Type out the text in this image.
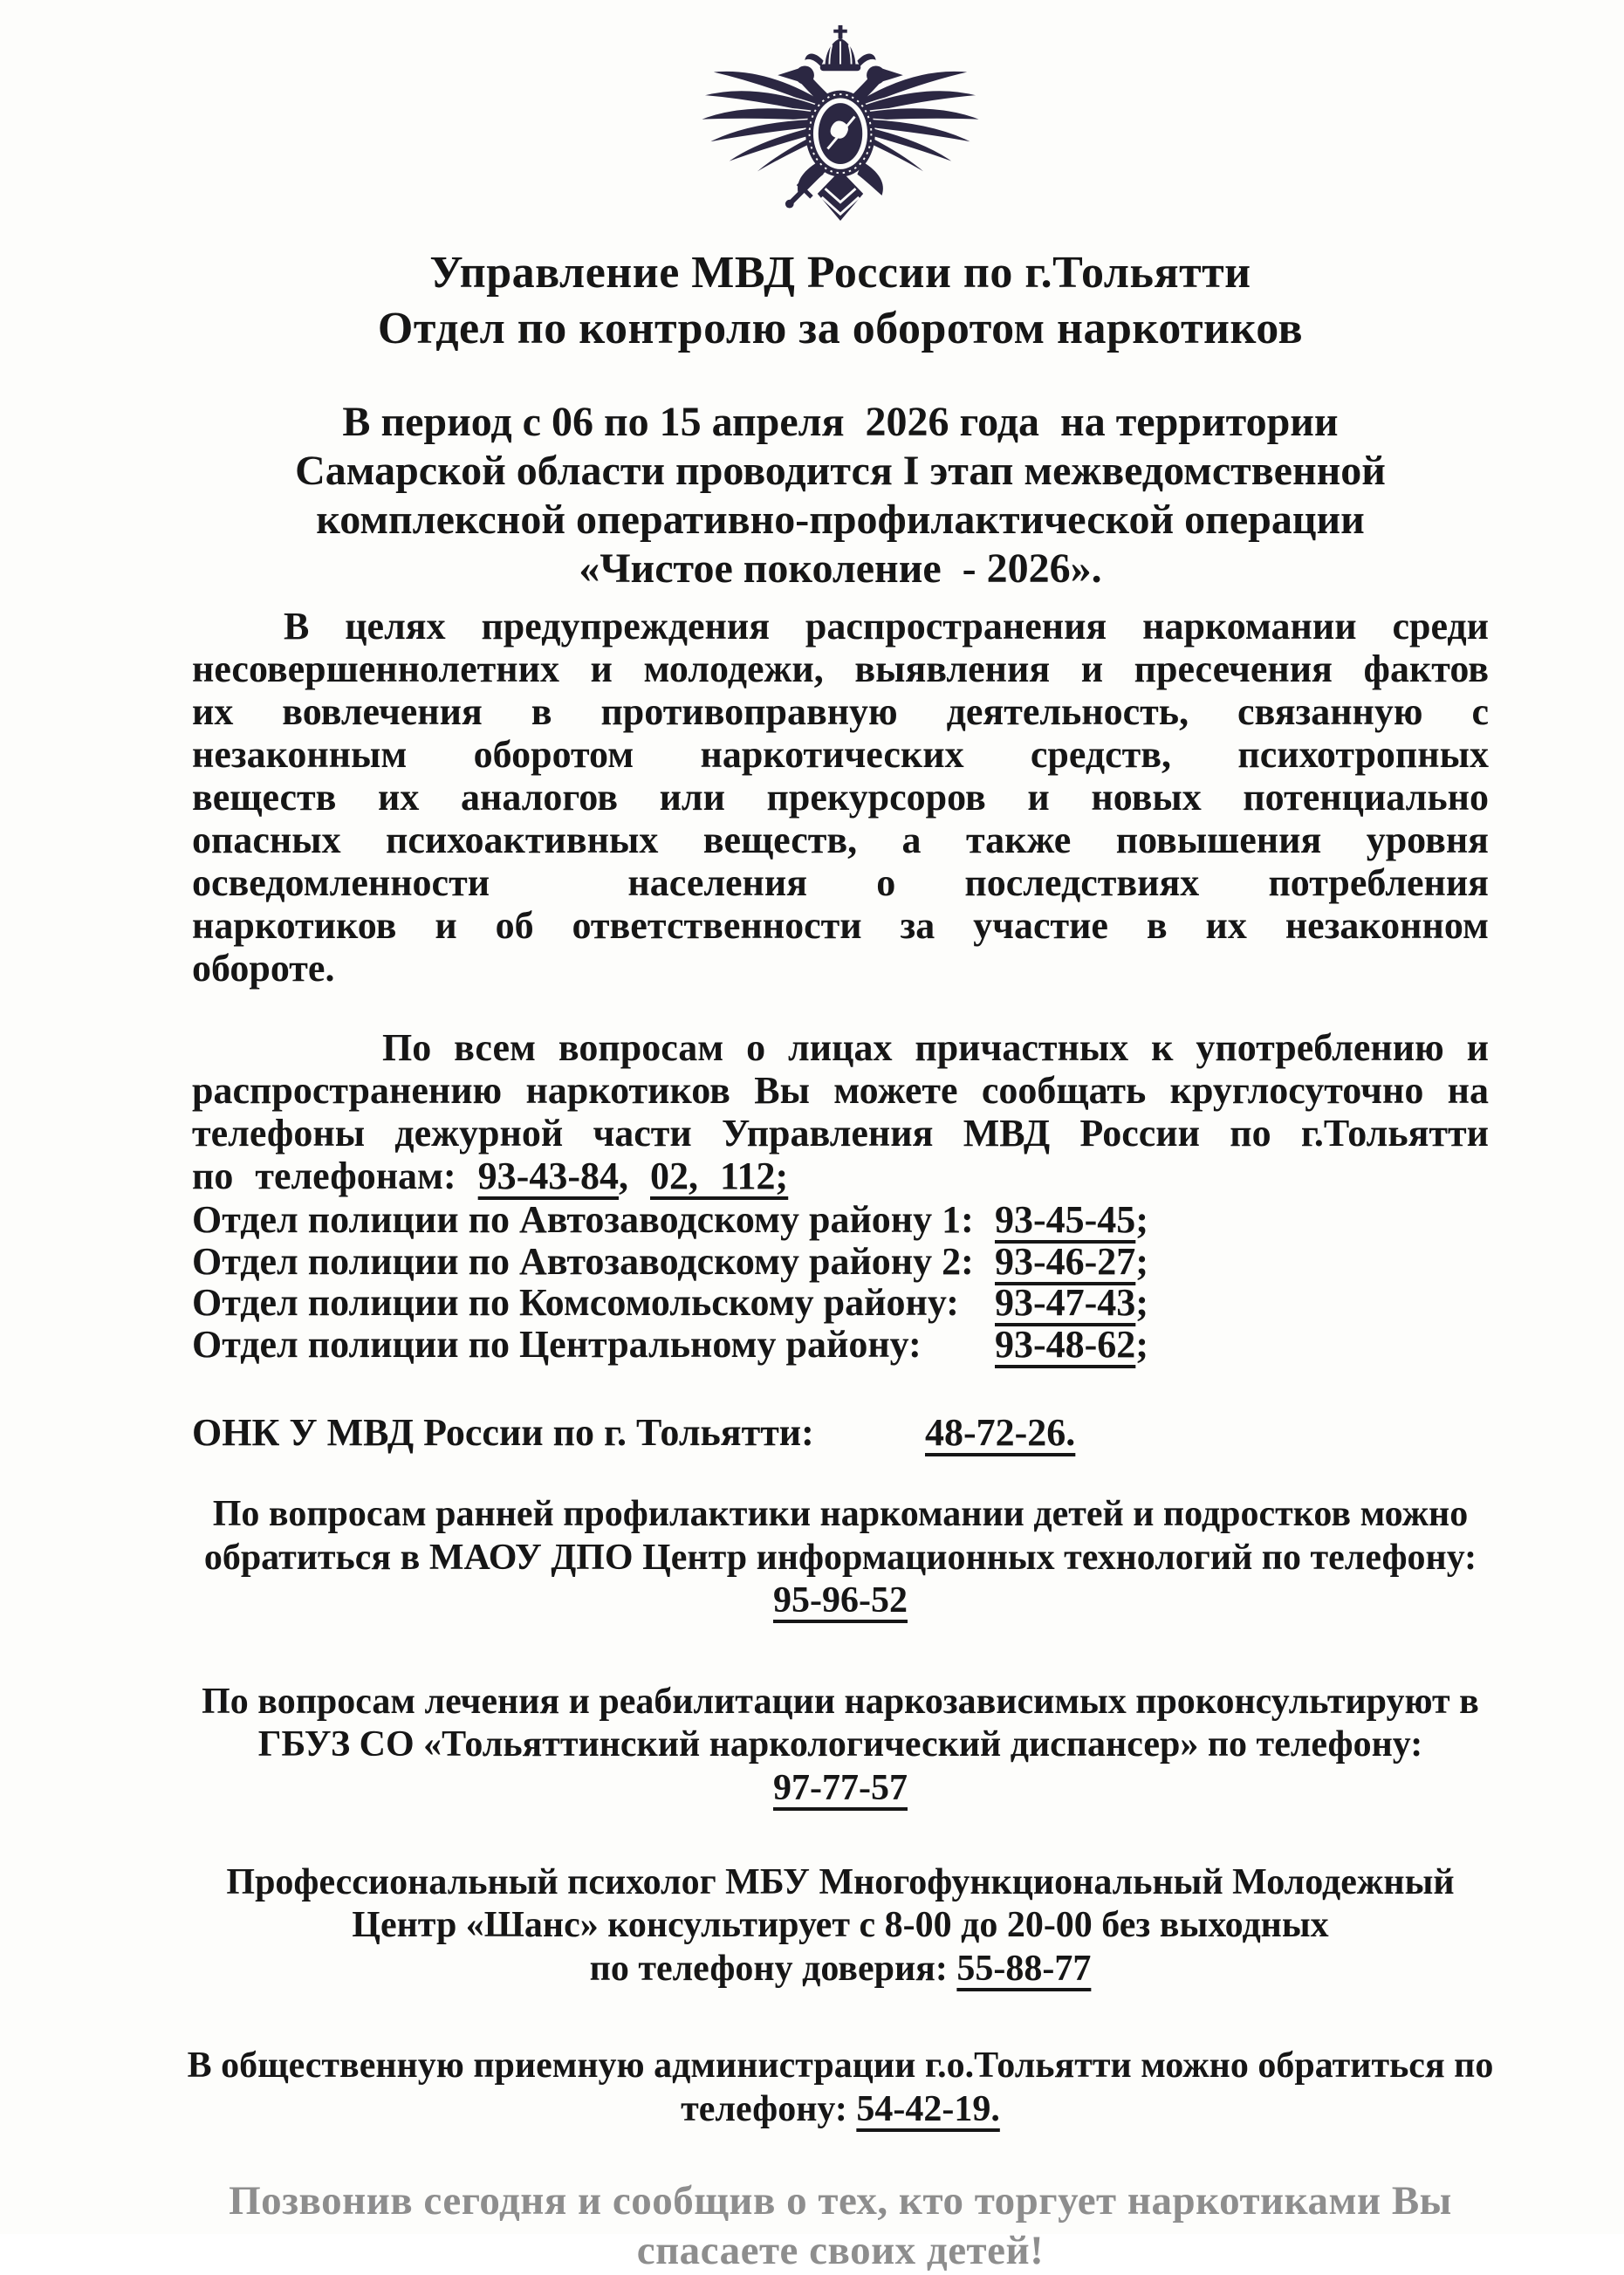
Управление МВД России по г.Тольятти
Отдел по контролю за оборотом наркотиков
В период с 06 по 15 апреля  2026 года  на территории
Самарской области проводится I этап межведомственной
комплексной оперативно-профилактической операции
«Чистое поколение  - 2026».

В целях предупреждения распространения наркомании среди несовершеннолетних и молодежи, выявления и пресечения фактов их вовлечения в противоправную деятельность, связанную с незаконным оборотом наркотических средств, психотропных веществ их аналогов или прекурсоров и новых потенциально опасных психоактивных веществ, а также повышения уровня осведомленности  населения о последствиях потребления наркотиков и об ответственности за участие в их незаконном обороте.

По всем вопросам о лицах причастных к употреблению и распространению наркотиков Вы можете сообщать круглосуточно на телефоны дежурной части Управления МВД России по г.Тольятти по телефонам: 93-43-84, 02, 112;

Отдел полиции по Автозаводскому району 1: 93-45-45;
Отдел полиции по Автозаводскому району 2: 93-46-27;
Отдел полиции по Комсомольскому району: 93-47-43;
Отдел полиции по Центральному району: 93-48-62;
ОНК У МВД России по г. Тольятти:	48-72-26.
По вопросам ранней профилактики наркомании детей и подростков можно
обратиться в МАОУ ДПО Центр информационных технологий по телефону:
95-96-52
По вопросам лечения и реабилитации наркозависимых проконсультируют в
ГБУЗ СО «Тольяттинский наркологический диспансер» по телефону:
97-77-57
Профессиональный психолог МБУ Многофункциональный Молодежный
Центр «Шанс» консультирует с 8-00 до 20-00 без выходных
по телефону доверия: 55-88-77
В общественную приемную администрации г.о.Тольятти можно обратиться по
телефону: 54-42-19.
Позвонив сегодня и сообщив о тех, кто торгует наркотиками Вы
спасаете своих детей!
